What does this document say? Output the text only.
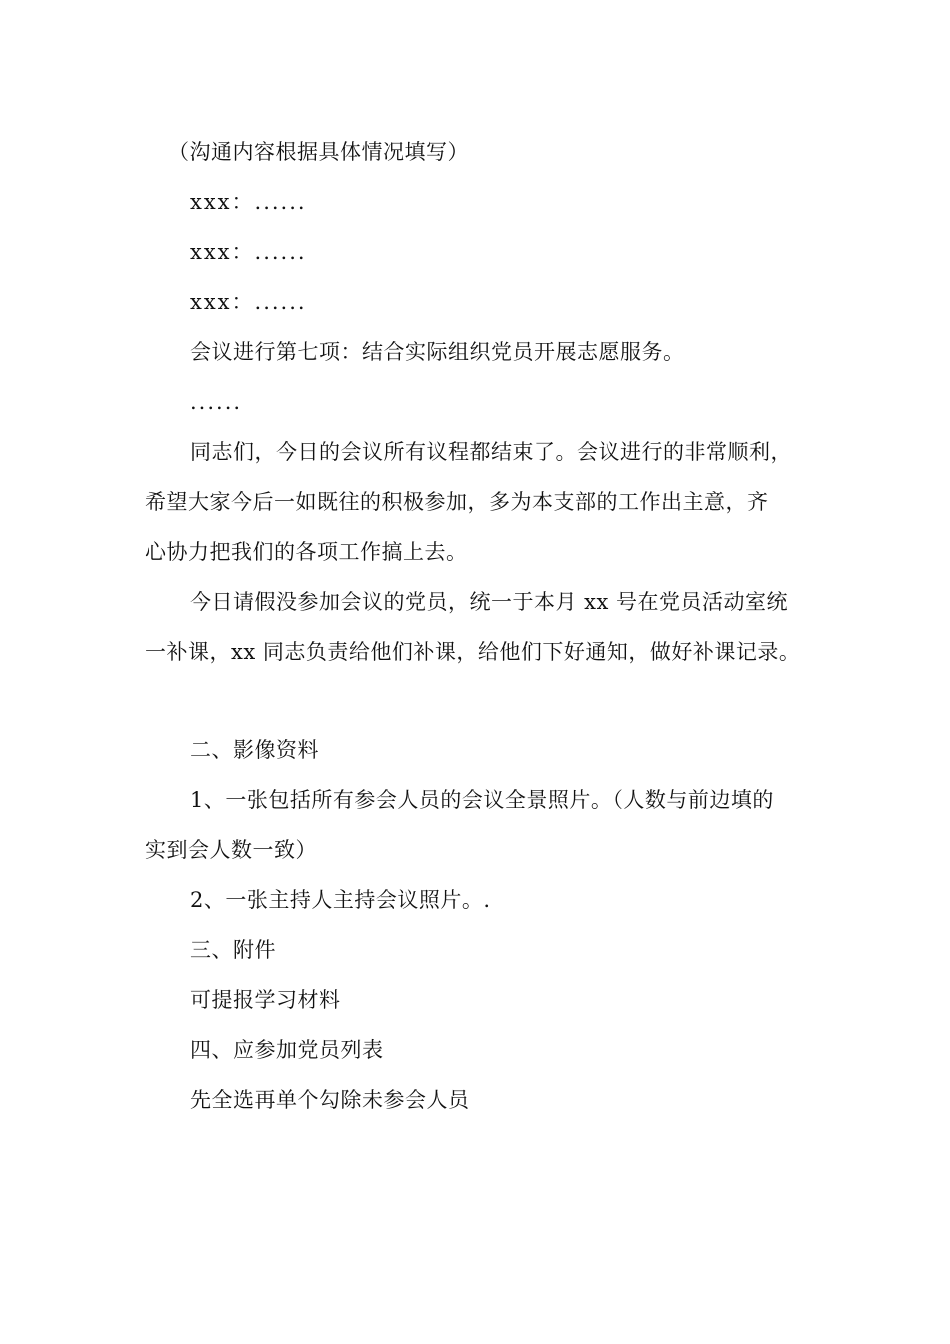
（沟通内容根据具体情况填写）
xxx：......
xxx：......
xxx：......
会议进行第七项：结合实际组织党员开展志愿服务。
......
同志们，今日的会议所有议程都结束了。会议进行的非常顺利，
希望大家今后一如既往的积极参加，多为本支部的工作出主意，齐
心协力把我们的各项工作搞上去。
今日请假没参加会议的党员，统一于本月 xx 号在党员活动室统
一补课，xx 同志负责给他们补课，给他们下好通知，做好补课记录。
二、影像资料
1、一张包括所有参会人员的会议全景照片。（人数与前边填的
实到会人数一致）
2、一张主持人主持会议照片。.
三、附件
可提报学习材料
四、应参加党员列表
先全选再单个勾除未参会人员
